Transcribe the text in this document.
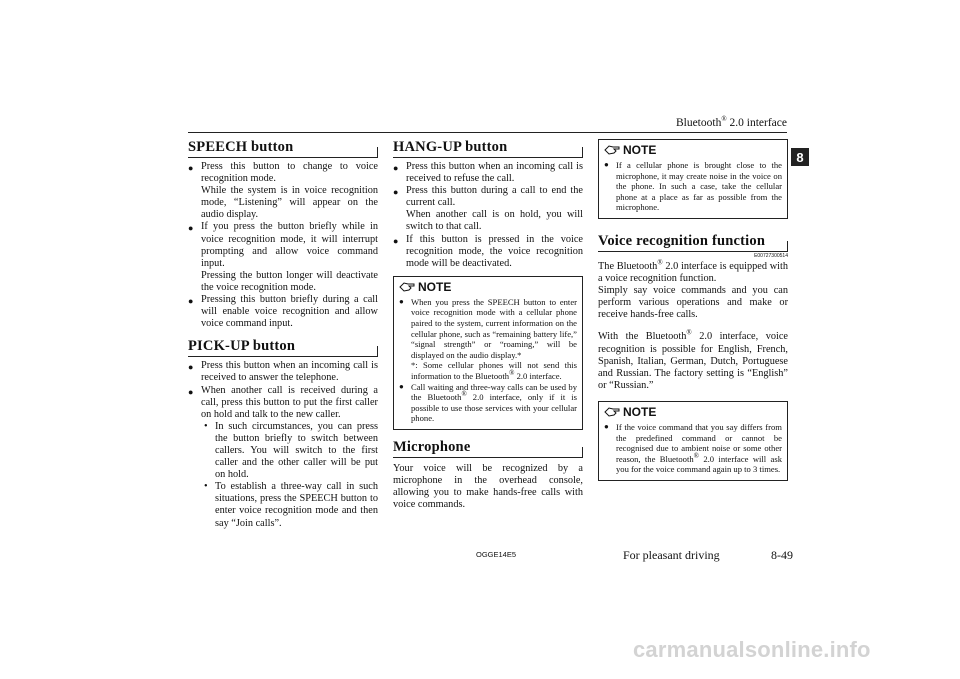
Bluetooth® 2.0 interface
8
SPEECH button
● Press this button to change to voice recognition mode.
While the system is in voice recognition mode, “Listening” will appear on the audio display.
● If you press the button briefly while in voice recognition mode, it will interrupt prompting and allow voice command input.
Pressing the button longer will deactivate the voice recognition mode.
● Pressing this button briefly during a call will enable voice recognition and allow voice command input.
PICK-UP button
● Press this button when an incoming call is received to answer the telephone.
● When another call is received during a call, press this button to put the first caller on hold and talk to the new caller.
• In such circumstances, you can press the button briefly to switch between callers. You will switch to the first caller and the other caller will be put on hold.
• To establish a three-way call in such situations, press the SPEECH button to enter voice recognition mode and then say “Join calls”.
HANG-UP button
● Press this button when an incoming call is received to refuse the call.
● Press this button during a call to end the current call.
When another call is on hold, you will switch to that call.
● If this button is pressed in the voice recognition mode, the voice recognition mode will be deactivated.
NOTE
● When you press the SPEECH button to enter voice recognition mode with a cellular phone paired to the system, current information on the cellular phone, such as “remaining battery life,” “signal strength” or “roaming,” will be displayed on the audio display.*
*: Some cellular phones will not send this information to the Bluetooth® 2.0 interface.
● Call waiting and three-way calls can be used by the Bluetooth® 2.0 interface, only if it is possible to use those services with your cellular phone.
Microphone
Your voice will be recognized by a microphone in the overhead console, allowing you to make hands-free calls with voice commands.
NOTE
● If a cellular phone is brought close to the microphone, it may create noise in the voice on the phone. In such a case, take the cellular phone at a place as far as possible from the microphone.
Voice recognition function
E00727300514
The Bluetooth® 2.0 interface is equipped with a voice recognition function.
Simply say voice commands and you can perform various operations and make or receive hands-free calls.
With the Bluetooth® 2.0 interface, voice recognition is possible for English, French, Spanish, Italian, German, Dutch, Portuguese and Russian. The factory setting is “English” or “Russian.”
NOTE
● If the voice command that you say differs from the predefined command or cannot be recognised due to ambient noise or some other reason, the Bluetooth® 2.0 interface will ask you for the voice command again up to 3 times.
OGGE14E5	For pleasant driving	8-49
carmanualsonline.info
